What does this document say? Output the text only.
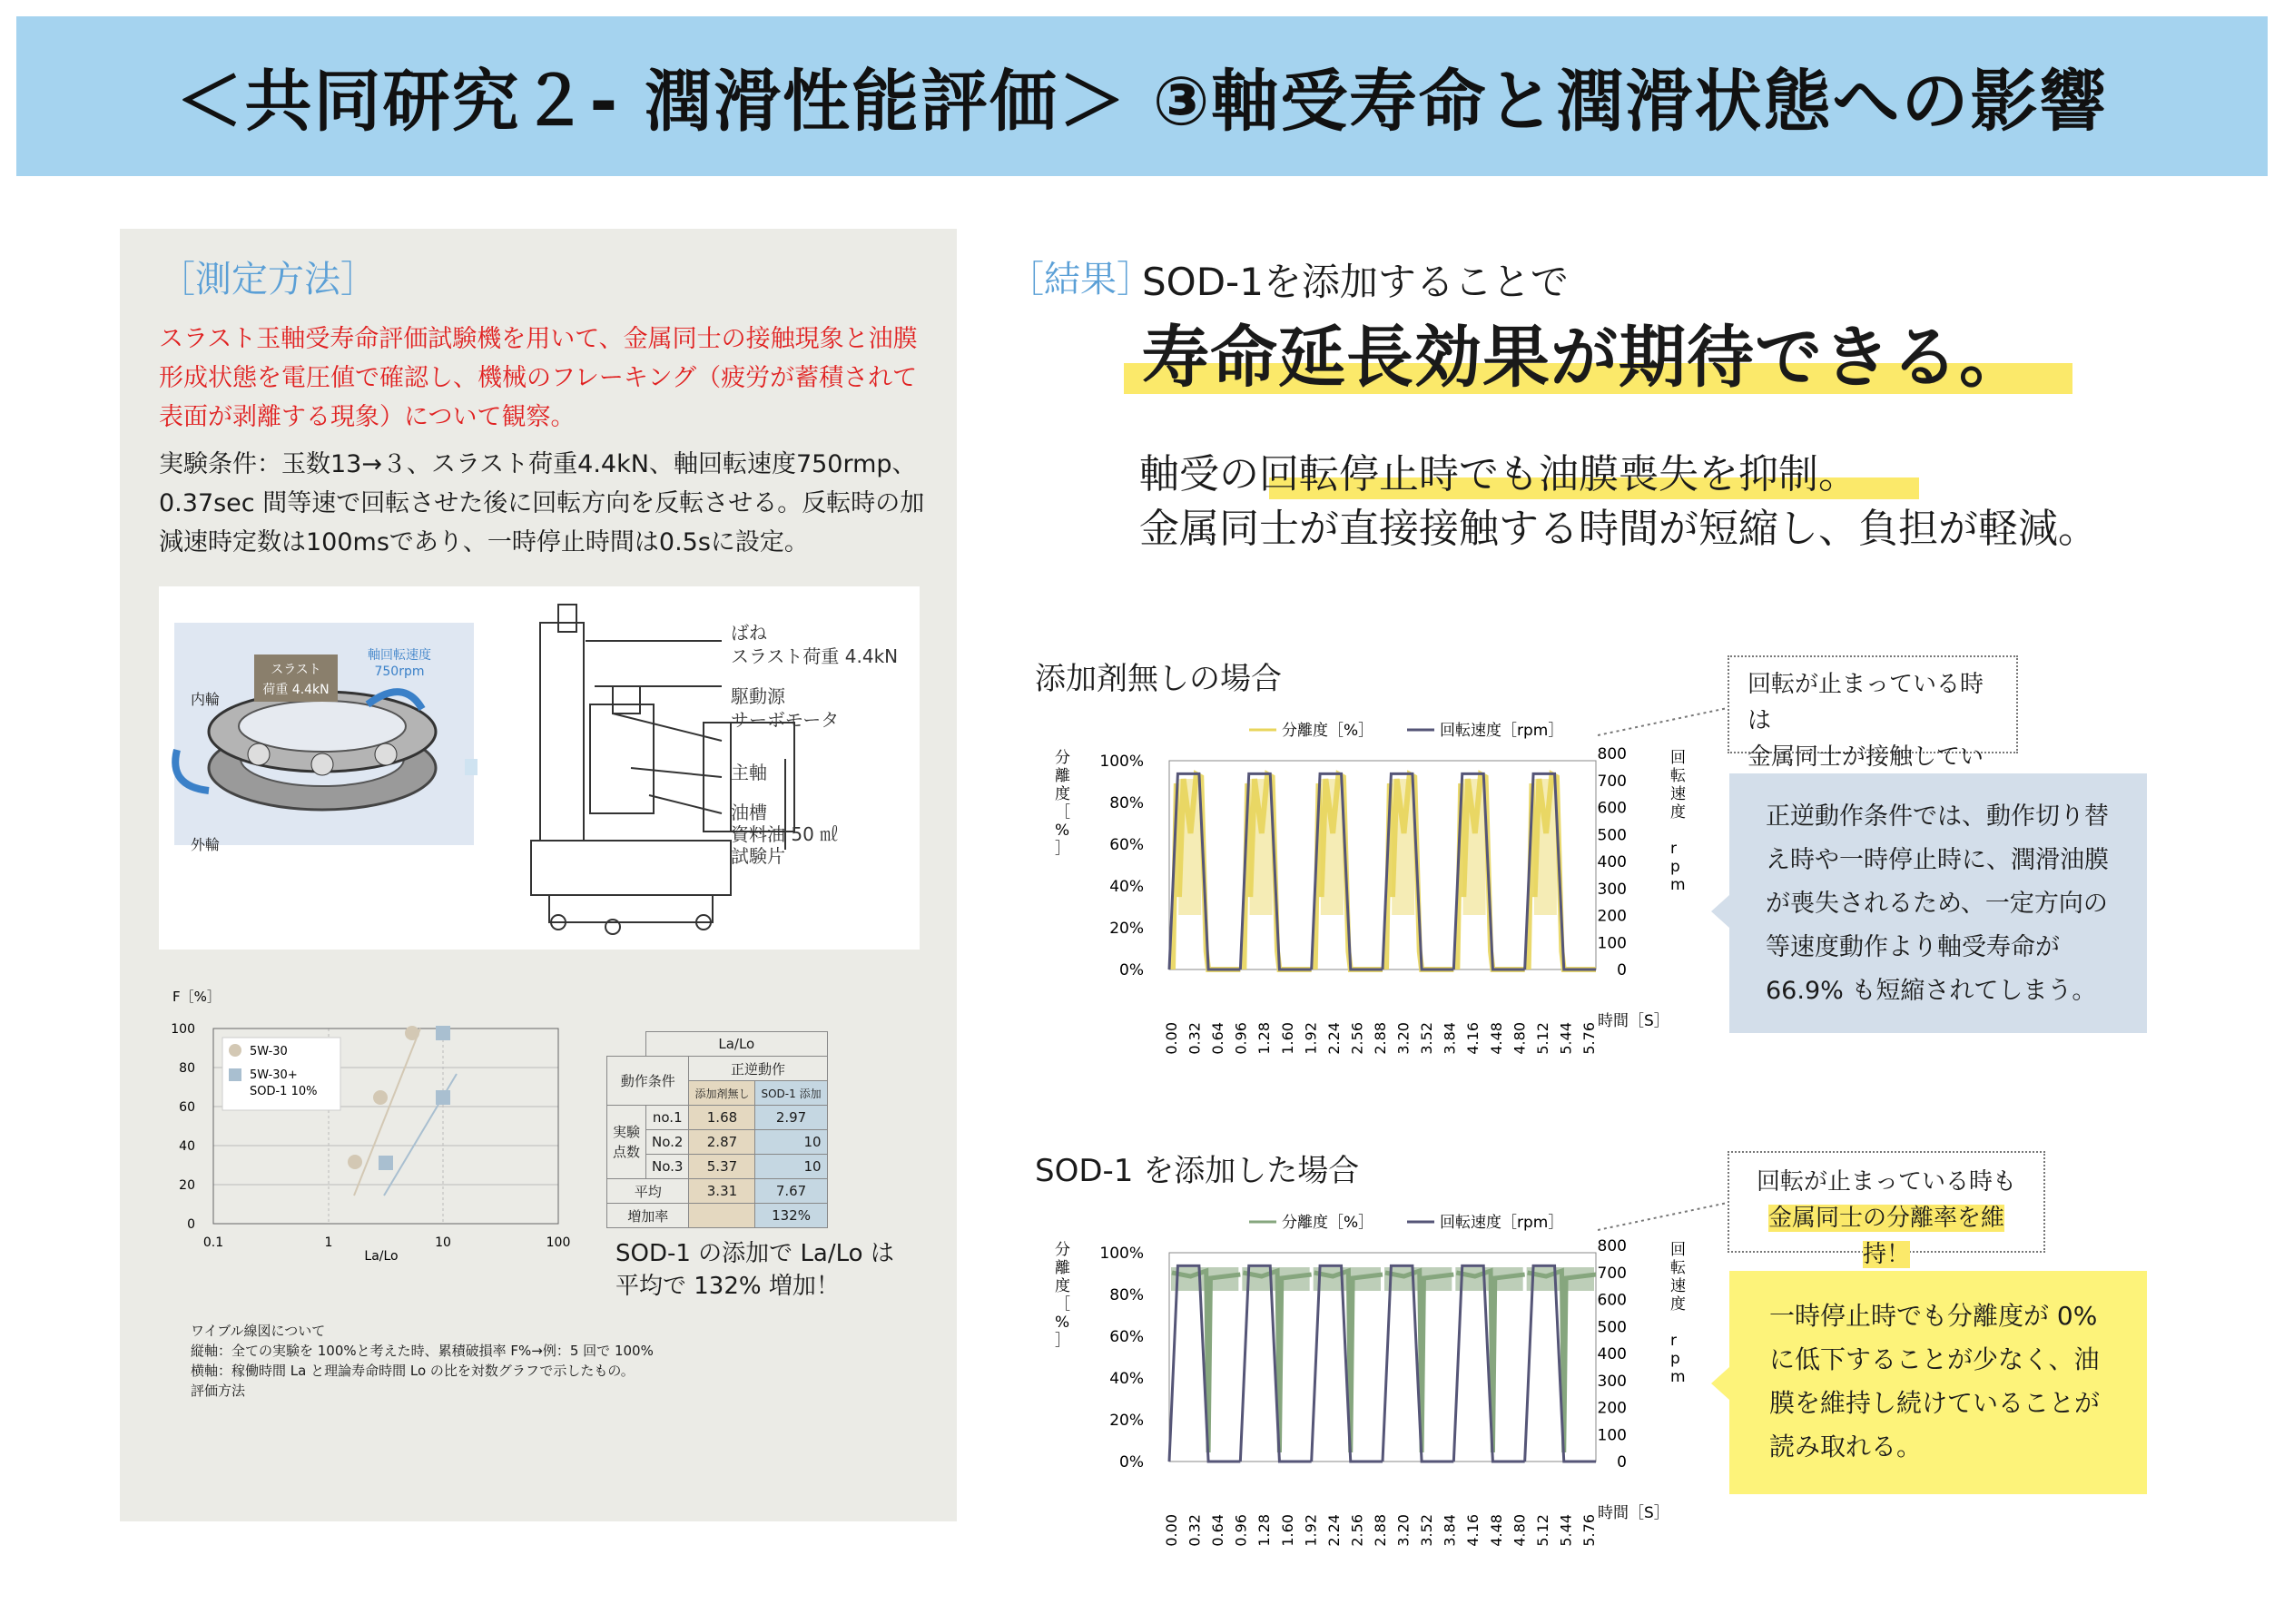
＜共同研究２- 潤滑性能評価＞ ③軸受寿命と潤滑状態への影響
［測定方法］
スラスト玉軸受寿命評価試験機を用いて、金属同士の接触現象と油膜形成状態を電圧値で確認し、機械のフレーキング（疲労が蓄積されて表面が剥離する現象）について観察。
実験条件：玉数13→３、スラスト荷重4.4kN、軸回転速度750rmp、0.37sec 間等速で回転させた後に回転方向を反転させる。反転時の加減速時定数は100msであり、一時停止時間は0.5sに設定。
スラスト
荷重 4.4kN
軸回転速度
750rpm
内輪
外輪
ばね
スラスト荷重 4.4kN
駆動源
サーボモータ
主軸
油槽
資料油 50 ㎖
試験片
F［%］
100
80
60
40
20
0
0.1	1	10	100
La/Lo
5W-30
5W-30+
SOD-1 10%
	La/Lo		
動作条件		正逆動作	
		添加剤無し	SOD-1 添加
実験
点数	no.1	1.68	2.97
	No.2	2.87	10
	No.3	5.37	10
平均		3.31	7.67
増加率			132%
SOD-1 の添加で La/Lo は
平均で 132% 増加！
ワイブル線図について
縦軸：全ての実験を 100%と考えた時、累積破損率 F%→例：5 回で 100%
横軸：稼働時間 La と理論寿命時間 Lo の比を対数グラフで示したもの。
評価方法
［結果］
SOD-1を添加することで
寿命延長効果が期待できる。
軸受の回転停止時でも油膜喪失を抑制。
金属同士が直接接触する時間が短縮し、負担が軽減。
添加剤無しの場合
分離度［%］	回転速度［rpm］
100%
80%
60%
40%
20%
0%
800
700
600
500
400
300
200
100
0
分
離
度
［
%
］
回
転
速
度
r
p
m
0.00 0.32 0.64 0.96 1.28 1.60 1.92 2.24 2.56 2.88 3.20 3.52 3.84 4.16 4.48 4.80 5.12 5.44 5.76
時間［S］
SOD-1 を添加した場合
分離度［%］	回転速度［rpm］
100%
80%
60%
40%
20%
0%
800
700
600
500
400
300
200
100
0
分
離
度
［
%
］
回
転
速
度
r
p
m
0.00 0.32 0.64 0.96 1.28 1.60 1.92 2.24 2.56 2.88 3.20 3.52 3.84 4.16 4.48 4.80 5.12 5.44 5.76
時間［S］
回転が止まっている時は
金属同士が接触してい
正逆動作条件では、動作切り替え時や一時停止時に、潤滑油膜が喪失されるため、一定方向の等速度動作より軸受寿命が66.9% も短縮されてしまう。
回転が止まっている時も
金属同士の分離率を維持！
一時停止時でも分離度が 0% に低下することが少なく、油膜を維持し続けていることが読み取れる。
